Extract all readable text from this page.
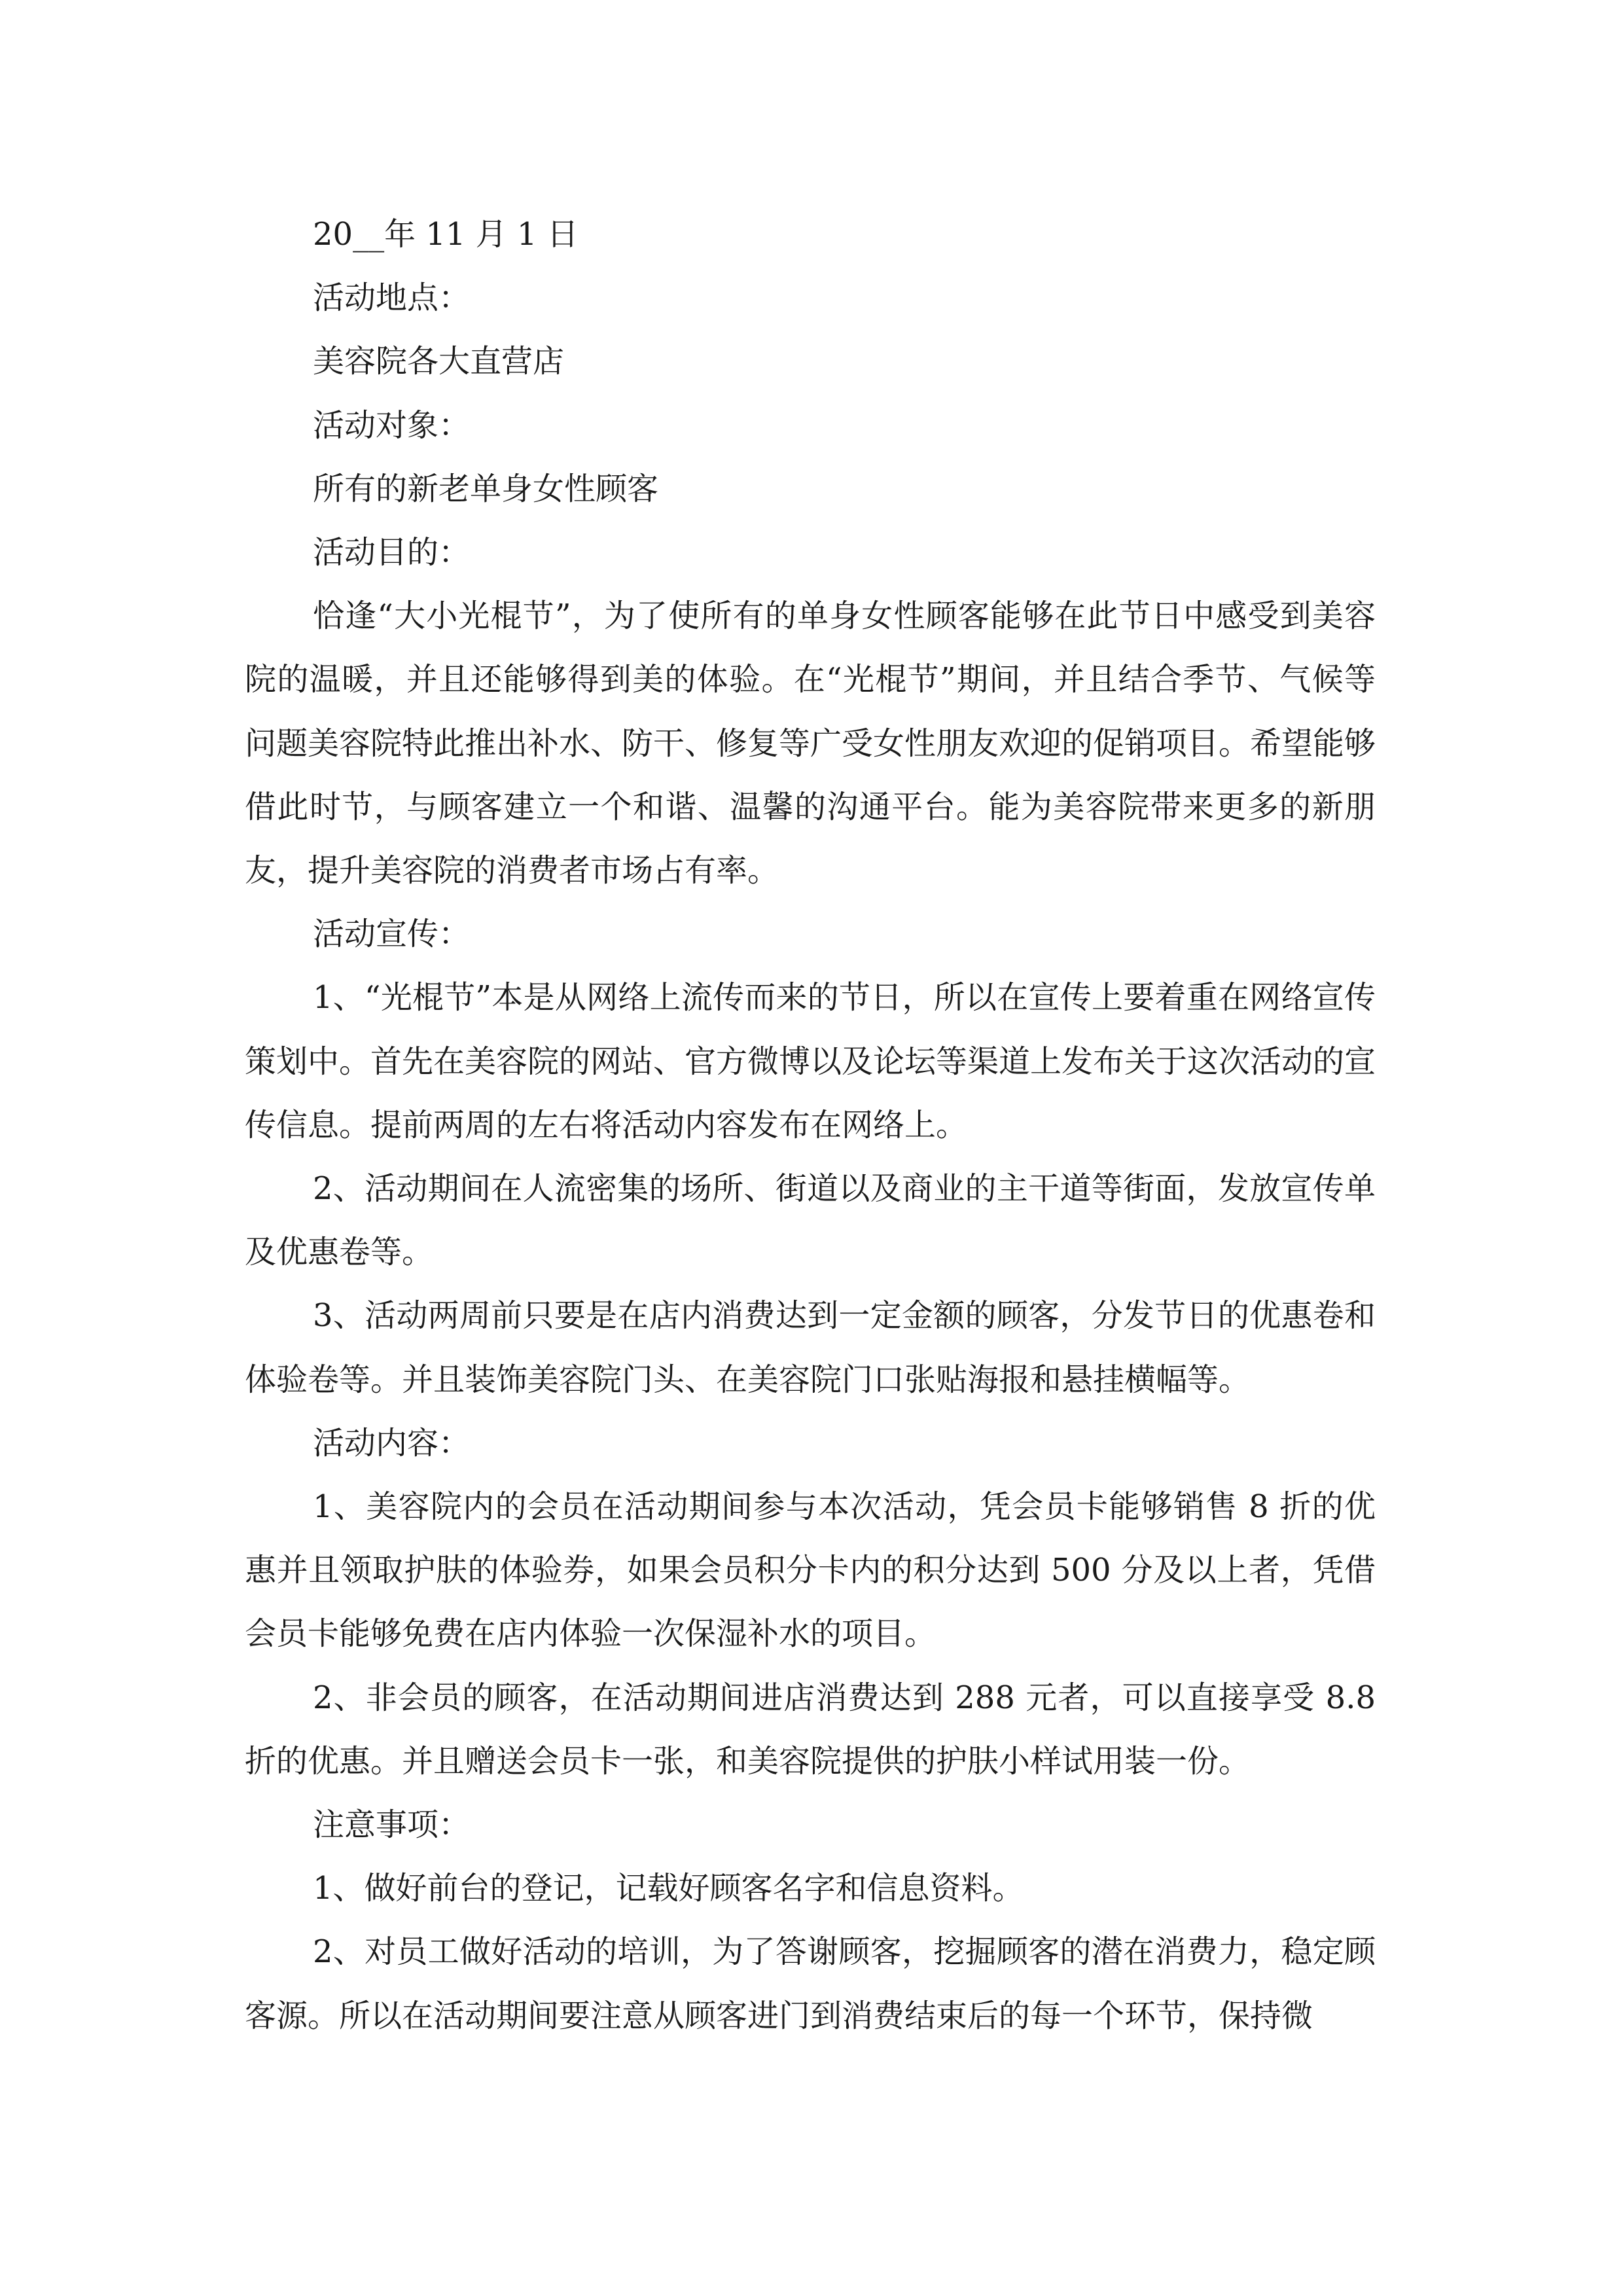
20__年 11 月 1 日

活动地点：

美容院各大直营店

活动对象：

所有的新老单身女性顾客

活动目的：

恰逢“大小光棍节”，为了使所有的单身女性顾客能够在此节日中感受到美容院的温暖，并且还能够得到美的体验。在“光棍节”期间，并且结合季节、气候等问题美容院特此推出补水、防干、修复等广受女性朋友欢迎的促销项目。希望能够借此时节，与顾客建立一个和谐、温馨的沟通平台。能为美容院带来更多的新朋友，提升美容院的消费者市场占有率。

活动宣传：

1、“光棍节”本是从网络上流传而来的节日，所以在宣传上要着重在网络宣传策划中。首先在美容院的网站、官方微博以及论坛等渠道上发布关于这次活动的宣传信息。提前两周的左右将活动内容发布在网络上。

2、活动期间在人流密集的场所、街道以及商业的主干道等街面，发放宣传单及优惠卷等。

3、活动两周前只要是在店内消费达到一定金额的顾客，分发节日的优惠卷和体验卷等。并且装饰美容院门头、在美容院门口张贴海报和悬挂横幅等。

活动内容：

1、美容院内的会员在活动期间参与本次活动，凭会员卡能够销售 8 折的优惠并且领取护肤的体验券，如果会员积分卡内的积分达到 500 分及以上者，凭借会员卡能够免费在店内体验一次保湿补水的项目。

2、非会员的顾客，在活动期间进店消费达到 288 元者，可以直接享受 8.8 折的优惠。并且赠送会员卡一张，和美容院提供的护肤小样试用装一份。

注意事项：

1、做好前台的登记，记载好顾客名字和信息资料。

2、对员工做好活动的培训，为了答谢顾客，挖掘顾客的潜在消费力，稳定顾客源。所以在活动期间要注意从顾客进门到消费结束后的每一个环节，保持微
